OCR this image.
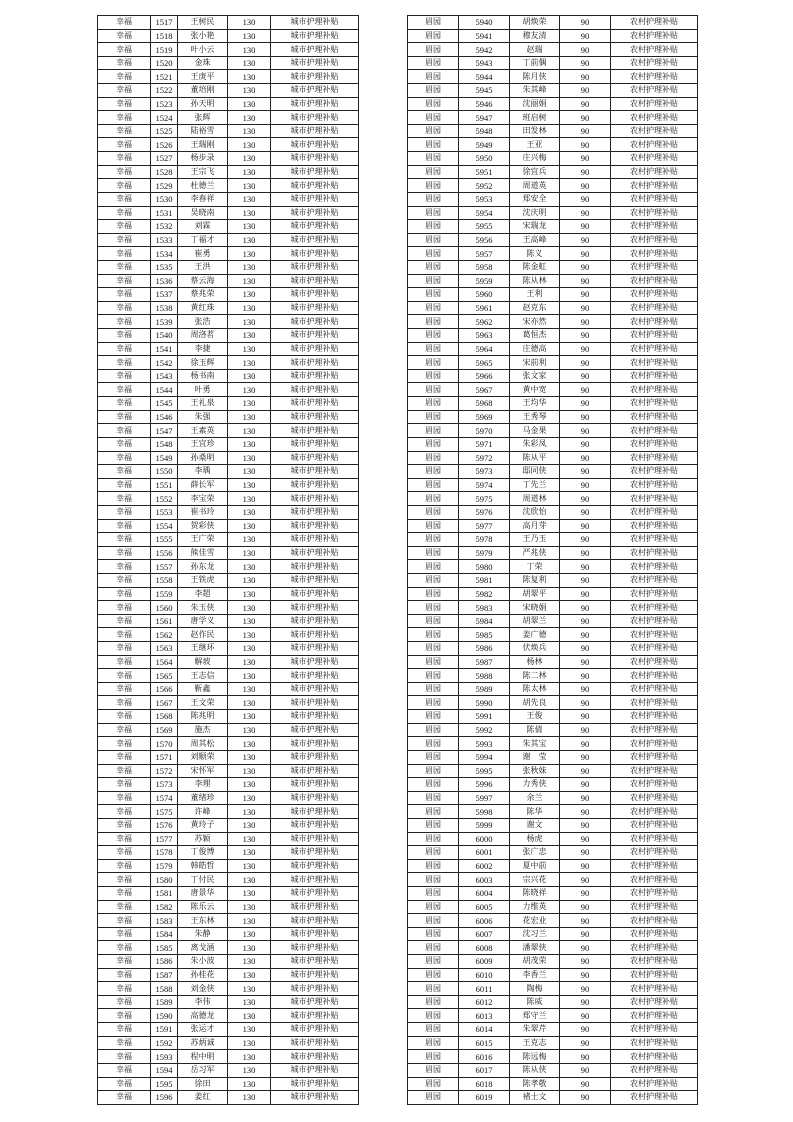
幸福	1517	王树民	130	城市护理补贴
幸福	1518	张小艳	130	城市护理补贴
幸福	1519	叶小云	130	城市护理补贴
幸福	1520	金珠	130	城市护理补贴
幸福	1521	王庚平	130	城市护理补贴
幸福	1522	董培刚	130	城市护理补贴
幸福	1523	孙天明	130	城市护理补贴
幸福	1524	张辉	130	城市护理补贴
幸福	1525	陆裕雪	130	城市护理补贴
幸福	1526	王瑞刚	130	城市护理补贴
幸福	1527	杨步录	130	城市护理补贴
幸福	1528	王宗飞	130	城市护理补贴
幸福	1529	杜德兰	130	城市护理补贴
幸福	1530	李春祥	130	城市护理补贴
幸福	1531	吴晓南	130	城市护理补贴
幸福	1532	刘霖	130	城市护理补贴
幸福	1533	丁福才	130	城市护理补贴
幸福	1534	崔勇	130	城市护理补贴
幸福	1535	王洪	130	城市护理补贴
幸福	1536	蔡云海	130	城市护理补贴
幸福	1537	蔡兆荣	130	城市护理补贴
幸福	1538	黄红珠	130	城市护理补贴
幸福	1539	张浩	130	城市护理补贴
幸福	1540	周洛茗	130	城市护理补贴
幸福	1541	李捷	130	城市护理补贴
幸福	1542	徐玉辉	130	城市护理补贴
幸福	1543	杨书南	130	城市护理补贴
幸福	1544	叶勇	130	城市护理补贴
幸福	1545	王礼泉	130	城市护理补贴
幸福	1546	朱强	130	城市护理补贴
幸福	1547	王素英	130	城市护理补贴
幸福	1548	王宜珍	130	城市护理补贴
幸福	1549	孙桑明	130	城市护理补贴
幸福	1550	李瑀	130	城市护理补贴
幸福	1551	薛长军	130	城市护理补贴
幸福	1552	李宝荣	130	城市护理补贴
幸福	1553	崔书玲	130	城市护理补贴
幸福	1554	贺彩侠	130	城市护理补贴
幸福	1555	王广荣	130	城市护理补贴
幸福	1556	熊佳雪	130	城市护理补贴
幸福	1557	孙东龙	130	城市护理补贴
幸福	1558	王铁虎	130	城市护理补贴
幸福	1559	李超	130	城市护理补贴
幸福	1560	朱玉侠	130	城市护理补贴
幸福	1561	唐学义	130	城市护理补贴
幸福	1562	赵作民	130	城市护理补贴
幸福	1563	王继环	130	城市护理补贴
幸福	1564	解坡	130	城市护理补贴
幸福	1565	王志信	130	城市护理补贴
幸福	1566	靳鑫	130	城市护理补贴
幸福	1567	王文荣	130	城市护理补贴
幸福	1568	陈兆明	130	城市护理补贴
幸福	1569	施杰	130	城市护理补贴
幸福	1570	周其松	130	城市护理补贴
幸福	1571	刘顺荣	130	城市护理补贴
幸福	1572	宋怀军	130	城市护理补贴
幸福	1573	李理	130	城市护理补贴
幸福	1574	董绪珍	130	城市护理补贴
幸福	1575	许峰	130	城市护理补贴
幸福	1576	黄玲子	130	城市护理补贴
幸福	1577	苏颖	130	城市护理补贴
幸福	1578	丁俊博	130	城市护理补贴
幸福	1579	韩皓哲	130	城市护理补贴
幸福	1580	丁付民	130	城市护理补贴
幸福	1581	唐景华	130	城市护理补贴
幸福	1582	陈乐云	130	城市护理补贴
幸福	1583	王东林	130	城市护理补贴
幸福	1584	朱静	130	城市护理补贴
幸福	1585	离戈涵	130	城市护理补贴
幸福	1586	朱小波	130	城市护理补贴
幸福	1587	孙桂花	130	城市护理补贴
幸福	1588	刘金侠	130	城市护理补贴
幸福	1589	李伟	130	城市护理补贴
幸福	1590	高德龙	130	城市护理补贴
幸福	1591	张运才	130	城市护理补贴
幸福	1592	苏炳诚	130	城市护理补贴
幸福	1593	程中明	130	城市护理补贴
幸福	1594	岳习军	130	城市护理补贴
幸福	1595	徐田	130	城市护理补贴
幸福	1596	姜红	130	城市护理补贴
眉园	5940	胡焕荣	90	农村护理补贴
眉园	5941	穆友清	90	农村护理补贴
眉园	5942	赵瑞	90	农村护理补贴
眉园	5943	丁前偶	90	农村护理补贴
眉园	5944	陈月侠	90	农村护理补贴
眉园	5945	朱其峰	90	农村护理补贴
眉园	5946	沈丽娟	90	农村护理补贴
眉园	5947	班启树	90	农村护理补贴
眉园	5948	田发林	90	农村护理补贴
眉园	5949	王亚	90	农村护理补贴
眉园	5950	庄兴梅	90	农村护理补贴
眉园	5951	徐宜兵	90	农村护理补贴
眉园	5952	周道英	90	农村护理补贴
眉园	5953	郑安全	90	农村护理补贴
眉园	5954	沈庆明	90	农村护理补贴
眉园	5955	宋瑞龙	90	农村护理补贴
眉园	5956	王高峰	90	农村护理补贴
眉园	5957	陈义	90	农村护理补贴
眉园	5958	陈金虹	90	农村护理补贴
眉园	5959	陈从林	90	农村护理补贴
眉园	5960	王利	90	农村护理补贴
眉园	5961	赵克东	90	农村护理补贴
眉园	5962	宋亦然	90	农村护理补贴
眉园	5963	葛恒杰	90	农村护理补贴
眉园	5964	庄德高	90	农村护理补贴
眉园	5965	宋前利	90	农村护理补贴
眉园	5966	张文家	90	农村护理补贴
眉园	5967	黄中宽	90	农村护理补贴
眉园	5968	王均华	90	农村护理补贴
眉园	5969	王秀琴	90	农村护理补贴
眉园	5970	马金果	90	农村护理补贴
眉园	5971	朱彩凤	90	农村护理补贴
眉园	5972	陈从平	90	农村护理补贴
眉园	5973	邸同侠	90	农村护理补贴
眉园	5974	丁先兰	90	农村护理补贴
眉园	5975	周道林	90	农村护理补贴
眉园	5976	沈欣怡	90	农村护理补贴
眉园	5977	高月芽	90	农村护理补贴
眉园	5978	王乃玉	90	农村护理补贴
眉园	5979	严兆侠	90	农村护理补贴
眉园	5980	丁荣	90	农村护理补贴
眉园	5981	陈复利	90	农村护理补贴
眉园	5982	胡翠平	90	农村护理补贴
眉园	5983	宋晓娟	90	农村护理补贴
眉园	5984	胡翠兰	90	农村护理补贴
眉园	5985	姜广德	90	农村护理补贴
眉园	5986	伏焕兵	90	农村护理补贴
眉园	5987	杨林	90	农村护理补贴
眉园	5988	陈二林	90	农村护理补贴
眉园	5989	陈太林	90	农村护理补贴
眉园	5990	胡先良	90	农村护理补贴
眉园	5991	王俊	90	农村护理补贴
眉园	5992	陈倩	90	农村护理补贴
眉园	5993	朱其宝	90	农村护理补贴
眉园	5994	谢　莹	90	农村护理补贴
眉园	5995	张秋妹	90	农村护理补贴
眉园	5996	力秀侠	90	农村护理补贴
眉园	5997	余兰	90	农村护理补贴
眉园	5998	陈华	90	农村护理补贴
眉园	5999	谢文	90	农村护理补贴
眉园	6000	杨虎	90	农村护理补贴
眉园	6001	张广忠	90	农村护理补贴
眉园	6002	夏中前	90	农村护理补贴
眉园	6003	宗兴花	90	农村护理补贴
眉园	6004	陈晓祥	90	农村护理补贴
眉园	6005	力维英	90	农村护理补贴
眉园	6006	花宏业	90	农村护理补贴
眉园	6007	沈习兰	90	农村护理补贴
眉园	6008	潘翠侠	90	农村护理补贴
眉园	6009	胡茂荣	90	农村护理补贴
眉园	6010	李香兰	90	农村护理补贴
眉园	6011	陶梅	90	农村护理补贴
眉园	6012	陈威	90	农村护理补贴
眉园	6013	郑守兰	90	农村护理补贴
眉园	6014	朱翠芹	90	农村护理补贴
眉园	6015	王克志	90	农村护理补贴
眉园	6016	陈远梅	90	农村护理补贴
眉园	6017	陈从侠	90	农村护理补贴
眉园	6018	陈孝敬	90	农村护理补贴
眉园	6019	褚士文	90	农村护理补贴
